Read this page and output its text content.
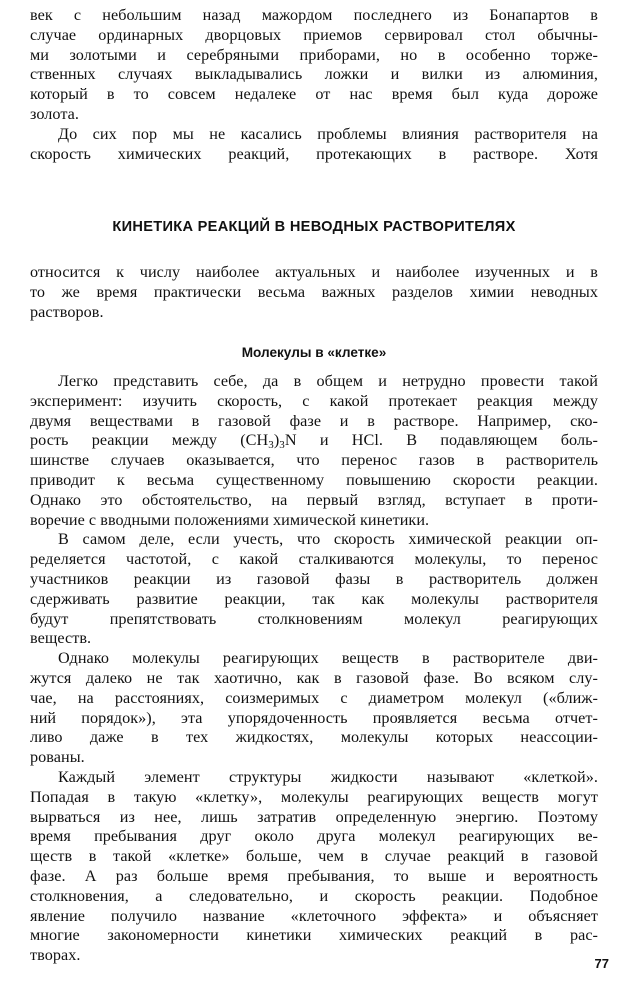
век с небольшим назад мажордом последнего из Бонапартов в
случае ординарных дворцовых приемов сервировал стол обычны-
ми золотыми и серебряными приборами, но в особенно торже-
ственных случаях выкладывались ложки и вилки из алюминия,
который в то совсем недалеке от нас время был куда дороже
золота.
До сих пор мы не касались проблемы влияния растворителя на
скорость химических реакций, протекающих в растворе. Хотя
КИНЕТИКА РЕАКЦИЙ В НЕВОДНЫХ РАСТВОРИТЕЛЯХ
относится к числу наиболее актуальных и наиболее изученных и в
то же время практически весьма важных разделов химии неводных
растворов.
Молекулы в «клетке»
Легко представить себе, да в общем и нетрудно провести такой
эксперимент: изучить скорость, с какой протекает реакция между
двумя веществами в газовой фазе и в растворе. Например, ско-
рость реакции между $(CH_3)_3N$ и HCl. В подавляющем боль-
шинстве случаев оказывается, что перенос газов в растворитель
приводит к весьма существенному повышению скорости реакции.
Однако это обстоятельство, на первый взгляд, вступает в проти-
воречие с вводными положениями химической кинетики.
В самом деле, если учесть, что скорость химической реакции оп-
ределяется частотой, с какой сталкиваются молекулы, то перенос
участников реакции из газовой фазы в растворитель должен
сдерживать развитие реакции, так как молекулы растворителя
будут препятствовать столкновениям молекул реагирующих
веществ.
Однако молекулы реагирующих веществ в растворителе дви-
жутся далеко не так хаотично, как в газовой фазе. Во всяком слу-
чае, на расстояниях, соизмеримых с диаметром молекул («ближ-
ний порядок»), эта упорядоченность проявляется весьма отчет-
ливо даже в тех жидкостях, молекулы которых неассоции-
рованы.
Каждый элемент структуры жидкости называют «клеткой».
Попадая в такую «клетку», молекулы реагирующих веществ могут
вырваться из нее, лишь затратив определенную энергию. Поэтому
время пребывания друг около друга молекул реагирующих ве-
ществ в такой «клетке» больше, чем в случае реакций в газовой
фазе. А раз больше время пребывания, то выше и вероятность
столкновения, а следовательно, и скорость реакции. Подобное
явление получило название «клеточного эффекта» и объясняет
многие закономерности кинетики химических реакций в рас-
творах.	77
